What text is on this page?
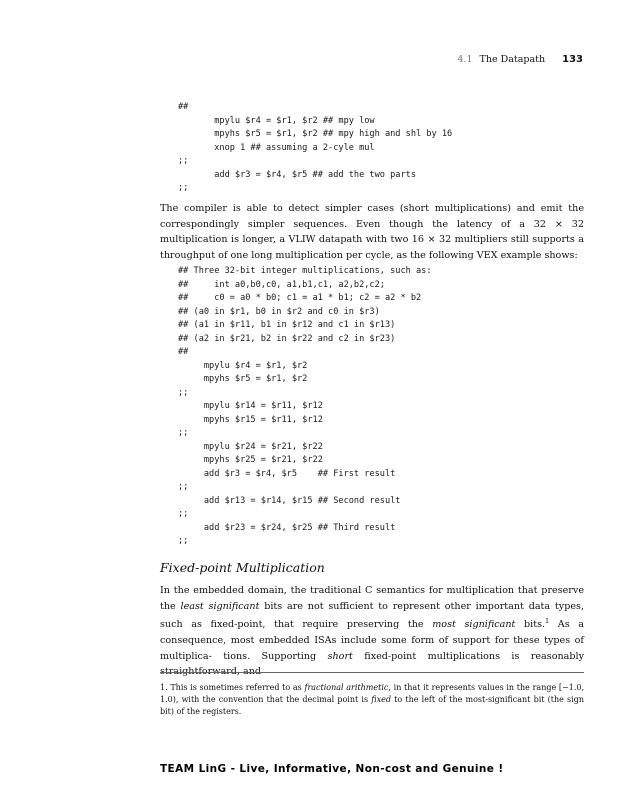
4.1 The Datapath 133
##
mpylu $r4 = $r1, $r2 ## mpy low
mpyhs $r5 = $r1, $r2 ## mpy high and shl by 16
xnop 1 ## assuming a 2-cyle mul
;;
add $r3 = $r4, $r5 ## add the two parts
;;
The compiler is able to detect simpler cases (short multiplications) and emit the correspondingly simpler sequences. Even though the latency of a 32 × 32 multiplication is longer, a VLIW datapath with two 16 × 32 multipliers still supports a throughput of one long multiplication per cycle, as the following VEX example shows:
## Three 32-bit integer multiplications, such as:
##     int a0,b0,c0, a1,b1,c1, a2,b2,c2;
##     c0 = a0 * b0; c1 = a1 * b1; c2 = a2 * b2
## (a0 in $r1, b0 in $r2 and c0 in $r3)
## (a1 in $r11, b1 in $r12 and c1 in $r13)
## (a2 in $r21, b2 in $r22 and c2 in $r23)
##
mpylu $r4 = $r1, $r2
mpyhs $r5 = $r1, $r2
;;
mpylu $r14 = $r11, $r12
mpyhs $r15 = $r11, $r12
;;
mpylu $r24 = $r21, $r22
mpyhs $r25 = $r21, $r22
add $r3 = $r4, $r5    ## First result
;;
add $r13 = $r14, $r15 ## Second result
;;
add $r23 = $r24, $r25 ## Third result
;;
Fixed-point Multiplication
In the embedded domain, the traditional C semantics for multiplication that preserve the least significant bits are not sufficient to represent other important data types, such as fixed-point, that require preserving the most significant bits.$^1$ As a consequence, most embedded ISAs include some form of support for these types of multiplica- tions. Supporting short fixed-point multiplications is reasonably straightforward, and
1. This is sometimes referred to as fractional arithmetic, in that it represents values in the range [−1.0, 1.0), with the convention that the decimal point is fixed to the left of the most-significant bit (the sign bit) of the registers.
TEAM LinG - Live, Informative, Non-cost and Genuine !
